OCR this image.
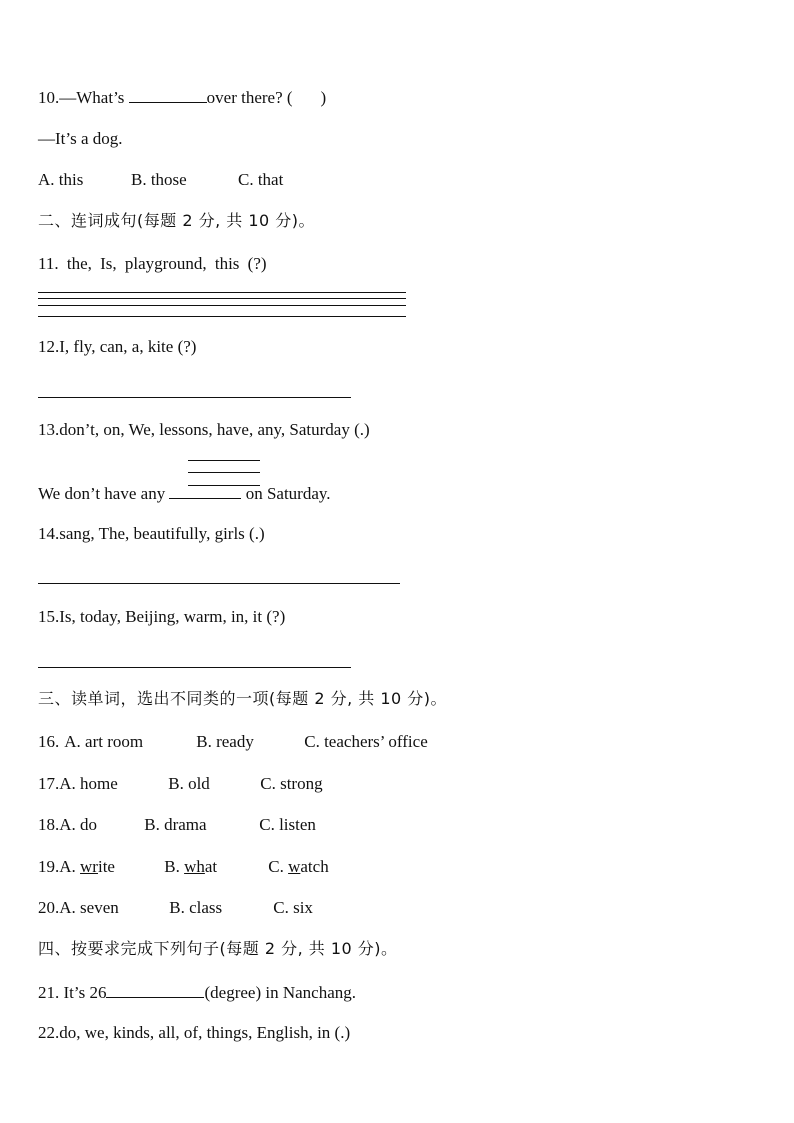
10.—What’s	over there? ( )
—It’s a dog.
A. this	B. those	C. that
二、连词成句(每题 2 分, 共 10 分)。
11. the, Is, playground, this (?)
12.I, fly, can, a, kite (?)
13.don’t, on, We, lessons, have, any, Saturday (.)
We don’t have any	on Saturday.
14.sang, The, beautifully, girls (.)
15.Is, today, Beijing, warm, in, it (?)
三、读单词，选出不同类的一项(每题 2 分, 共 10 分)。
16. A. art room	B. ready	C. teachers’ office
17.A. home	B. old	C. strong
18.A. do	B. drama	C. listen
19.A. write	B. what	C. watch
20.A. seven	B. class	C. six
四、按要求完成下列句子(每题 2 分, 共 10 分)。
21. It’s 26	(degree) in Nanchang.
22.do, we, kinds, all, of, things, English, in (.)
